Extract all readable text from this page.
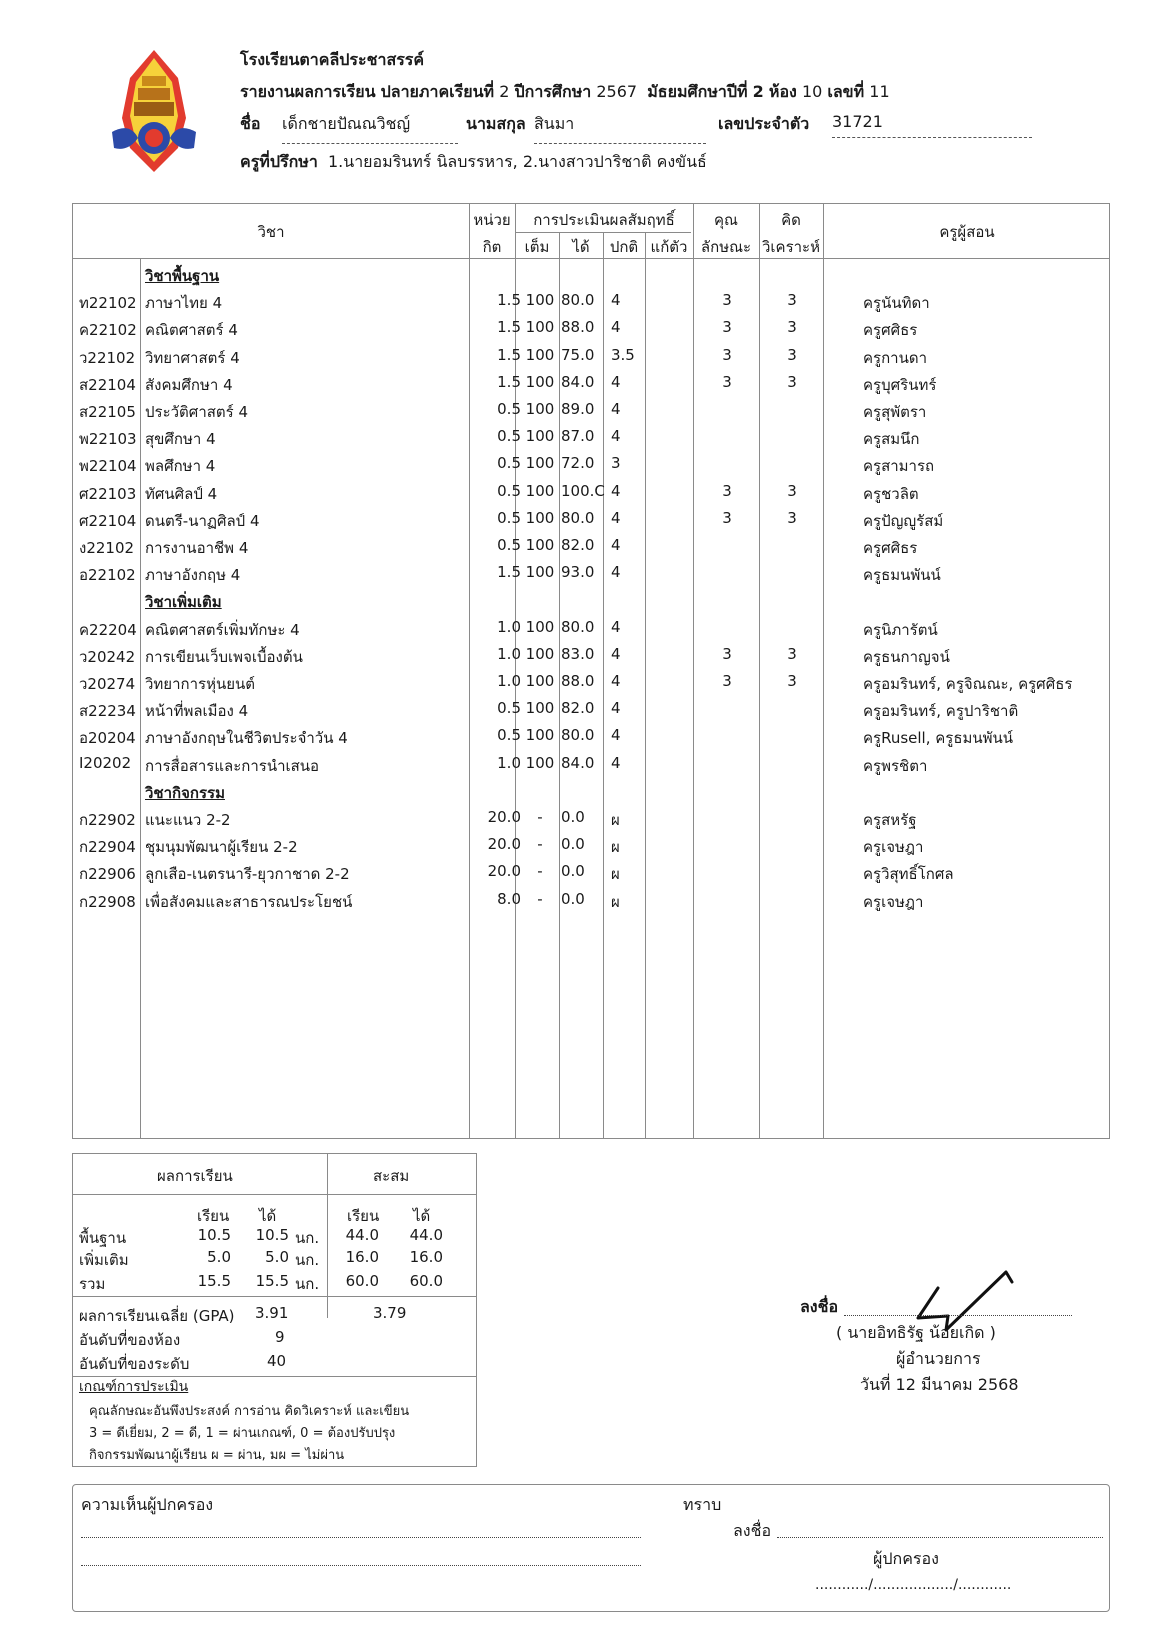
โรงเรียนตาคลีประชาสรรค์
รายงานผลการเรียน ปลายภาคเรียนที่ 2 ปีการศึกษา 2567 มัธยมศึกษาปีที่ 2 ห้อง 10 เลขที่ 11
ชื่อ เด็กชายปัณณวิชญ์	นามสกุล สินมา	เลขประจำตัว 31721
ครูที่ปรึกษา 1.นายอมรินทร์ นิลบรรหาร, 2.นางสาวปาริชาติ คงขันธ์
วิชา
หน่วย
กิต
การประเมินผลสัมฤทธิ์
เต็ม	ได้	ปกติ แก้ตัว
คุณ
ลักษณะ
คิด
วิเคราะห์
ครูผู้สอน
วิชาพื้นฐาน
ท22102 ภาษาไทย 4	1.5 100 80.0	4	3	3	ครูนันทิดา
ค22102 คณิตศาสตร์ 4	1.5 100 88.0	4	3	3	ครูศศิธร
ว22102 วิทยาศาสตร์ 4	1.5 100 75.0	3.5	3	3	ครูกานดา
ส22104 สังคมศึกษา 4	1.5 100 84.0	4	3	3	ครูบุศรินทร์
ส22105 ประวัติศาสตร์ 4	0.5 100 89.0	4	ครูสุพัตรา
พ22103 สุขศึกษา 4	0.5 100 87.0	4	ครูสมนึก
พ22104 พลศึกษา 4	0.5 100 72.0	3	ครูสามารถ
ศ22103 ทัศนศิลป์ 4	0.5 100 100.C 4	3	3	ครูชวลิต
ศ22104 ดนตรี-นาฏศิลป์ 4	0.5 100 80.0	4	3	3	ครูปัญญูรัสม์
ง22102 การงานอาชีพ 4	0.5 100 82.0	4	ครูศศิธร
อ22102 ภาษาอังกฤษ 4	1.5 100 93.0	4	ครูธมนพันน์
วิชาเพิ่มเติม
ค22204 คณิตศาสตร์เพิ่มทักษะ 4	1.0 100 80.0	4	ครูนิภารัตน์
ว20242 การเขียนเว็บเพจเบื้องต้น	1.0 100 83.0	4	3	3	ครูธนกาญจน์
ว20274 วิทยาการหุ่นยนต์	1.0 100 88.0	4	3	3	ครูอมรินทร์, ครูจิณณะ, ครูศศิธร
ส22234 หน้าที่พลเมือง 4	0.5 100 82.0	4	ครูอมรินทร์, ครูปาริชาติ
อ20204 ภาษาอังกฤษในชีวิตประจำวัน 4	0.5 100 80.0	4	ครูRusell, ครูธมนพันน์
I20202 การสื่อสารและการนำเสนอ	1.0 100 84.0	4	ครูพรชิตา
วิชากิจกรรม
ก22902 แนะแนว 2-2	20.0	-	0.0	ผ	ครูสหรัฐ
ก22904 ชุมนุมพัฒนาผู้เรียน 2-2	20.0	-	0.0	ผ	ครูเจษฎา
ก22906 ลูกเสือ-เนตรนารี-ยุวกาชาด 2-2	20.0	-	0.0	ผ	ครูวิสุทธิ์โกศล
ก22908 เพื่อสังคมและสาธารณประโยชน์	8.0	-	0.0	ผ	ครูเจษฎา
ผลการเรียน	สะสม
เรียน ได้	เรียน ได้
พื้นฐาน	10.5	10.5 นก.	44.0	44.0
เพิ่มเติม	5.0	5.0 นก.	16.0	16.0
รวม	15.5	15.5 นก.	60.0	60.0
ผลการเรียนเฉลี่ย (GPA) 3.91	3.79
อันดับที่ของห้อง	9
อันดับที่ของระดับ	40
เกณฑ์การประเมิน
คุณลักษณะอันพึงประสงค์ การอ่าน คิดวิเคราะห์ และเขียน
3 = ดีเยี่ยม, 2 = ดี, 1 = ผ่านเกณฑ์, 0 = ต้องปรับปรุง
กิจกรรมพัฒนาผู้เรียน ผ = ผ่าน, มผ = ไม่ผ่าน
ลงชื่อ
( นายอิทธิรัฐ น้อยเกิด )
ผู้อำนวยการ
วันที่ 12 มีนาคม 2568
ความเห็นผู้ปกครอง	ทราบ
ลงชื่อ
ผู้ปกครอง
............/................../............
